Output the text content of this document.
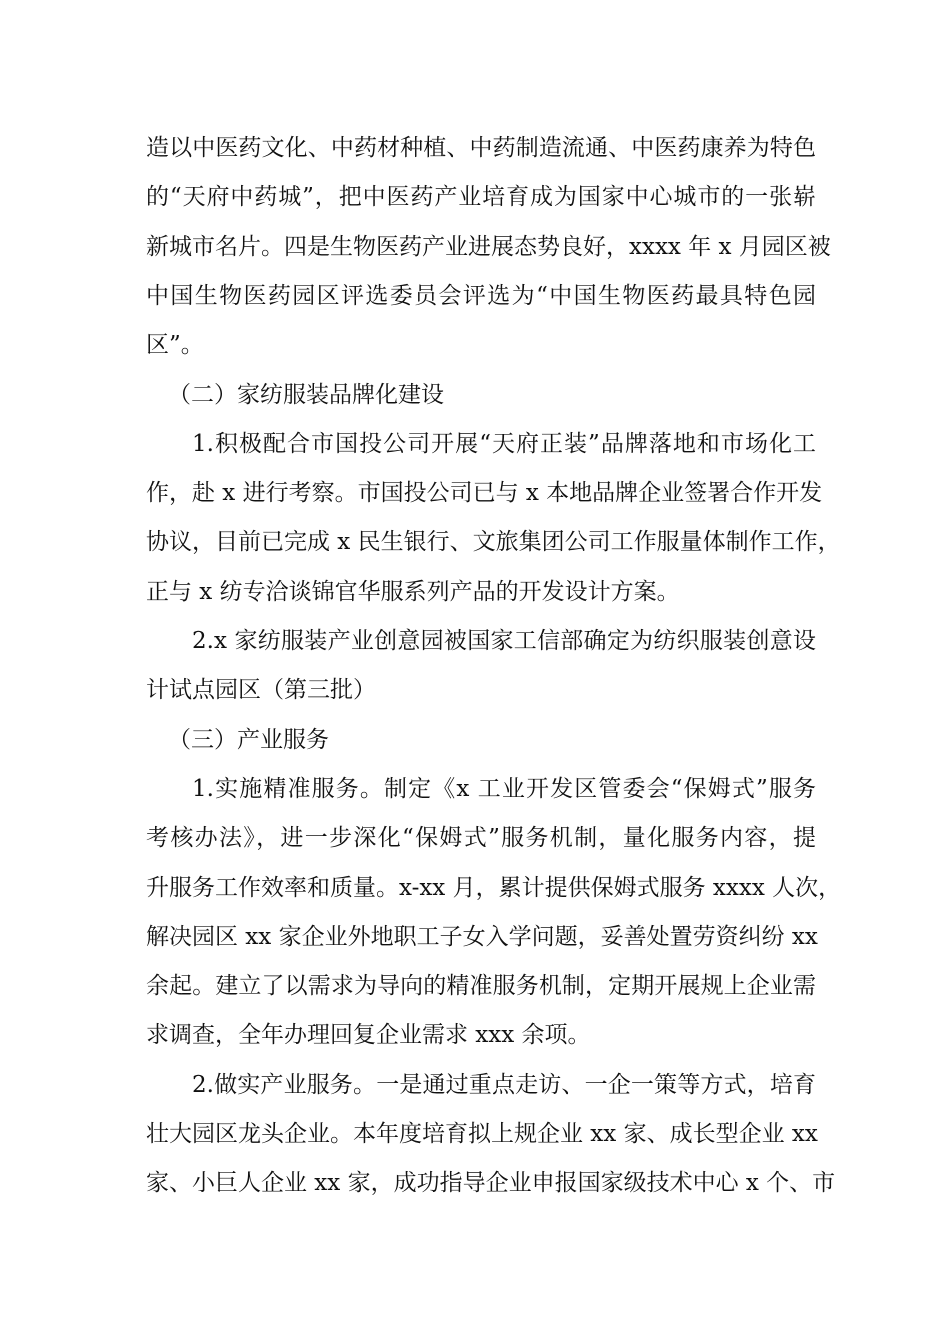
造以中医药文化、中药材种植、中药制造流通、中医药康养为特色
的“天府中药城”，把中医药产业培育成为国家中心城市的一张崭
新城市名片。四是生物医药产业进展态势良好，xxxx 年 x 月园区被
中国生物医药园区评选委员会评选为“中国生物医药最具特色园
区”。
（二）家纺服装品牌化建设
1.积极配合市国投公司开展“天府正装”品牌落地和市场化工
作，赴 x 进行考察。市国投公司已与 x 本地品牌企业签署合作开发
协议，目前已完成 x 民生银行、文旅集团公司工作服量体制作工作，
正与 x 纺专洽谈锦官华服系列产品的开发设计方案。
2.x 家纺服装产业创意园被国家工信部确定为纺织服装创意设
计试点园区（第三批）
（三）产业服务
1.实施精准服务。制定《x 工业开发区管委会“保姆式”服务
考核办法》，进一步深化“保姆式”服务机制，量化服务内容，提
升服务工作效率和质量。x-xx 月，累计提供保姆式服务 xxxx 人次，
解决园区 xx 家企业外地职工子女入学问题，妥善处置劳资纠纷 xx
余起。建立了以需求为导向的精准服务机制，定期开展规上企业需
求调查，全年办理回复企业需求 xxx 余项。
2.做实产业服务。一是通过重点走访、一企一策等方式，培育
壮大园区龙头企业。本年度培育拟上规企业 xx 家、成长型企业 xx
家、小巨人企业 xx 家，成功指导企业申报国家级技术中心 x 个、市
